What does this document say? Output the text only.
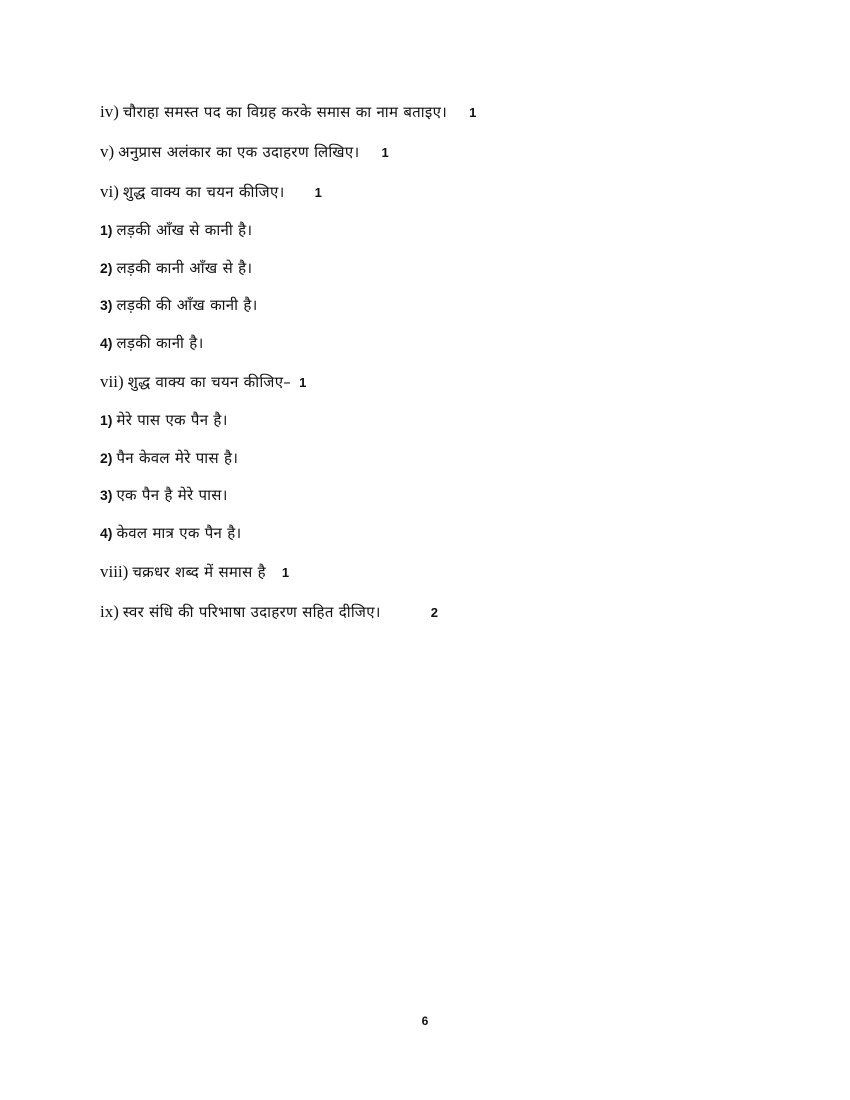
iv) चौराहा समस्त पद का विग्रह करके समास का नाम बताइए। 1
v) अनुप्रास अलंकार का एक उदाहरण लिखिए। 1
vi) शुद्ध वाक्य का चयन कीजिए। 1
1) लड़की आँख से कानी है।
2) लड़की कानी आँख से है।
3) लड़की की आँख कानी है।
4) लड़की कानी है।
vii) शुद्ध वाक्य का चयन कीजिए– 1
1) मेरे पास एक पैन है।
2) पैन केवल मेरे पास है।
3) एक पैन है मेरे पास।
4) केवल मात्र एक पैन है।
viii) चक्रधर शब्द में समास है 1
ix) स्वर संधि की परिभाषा उदाहरण सहित दीजिए।	2
6
